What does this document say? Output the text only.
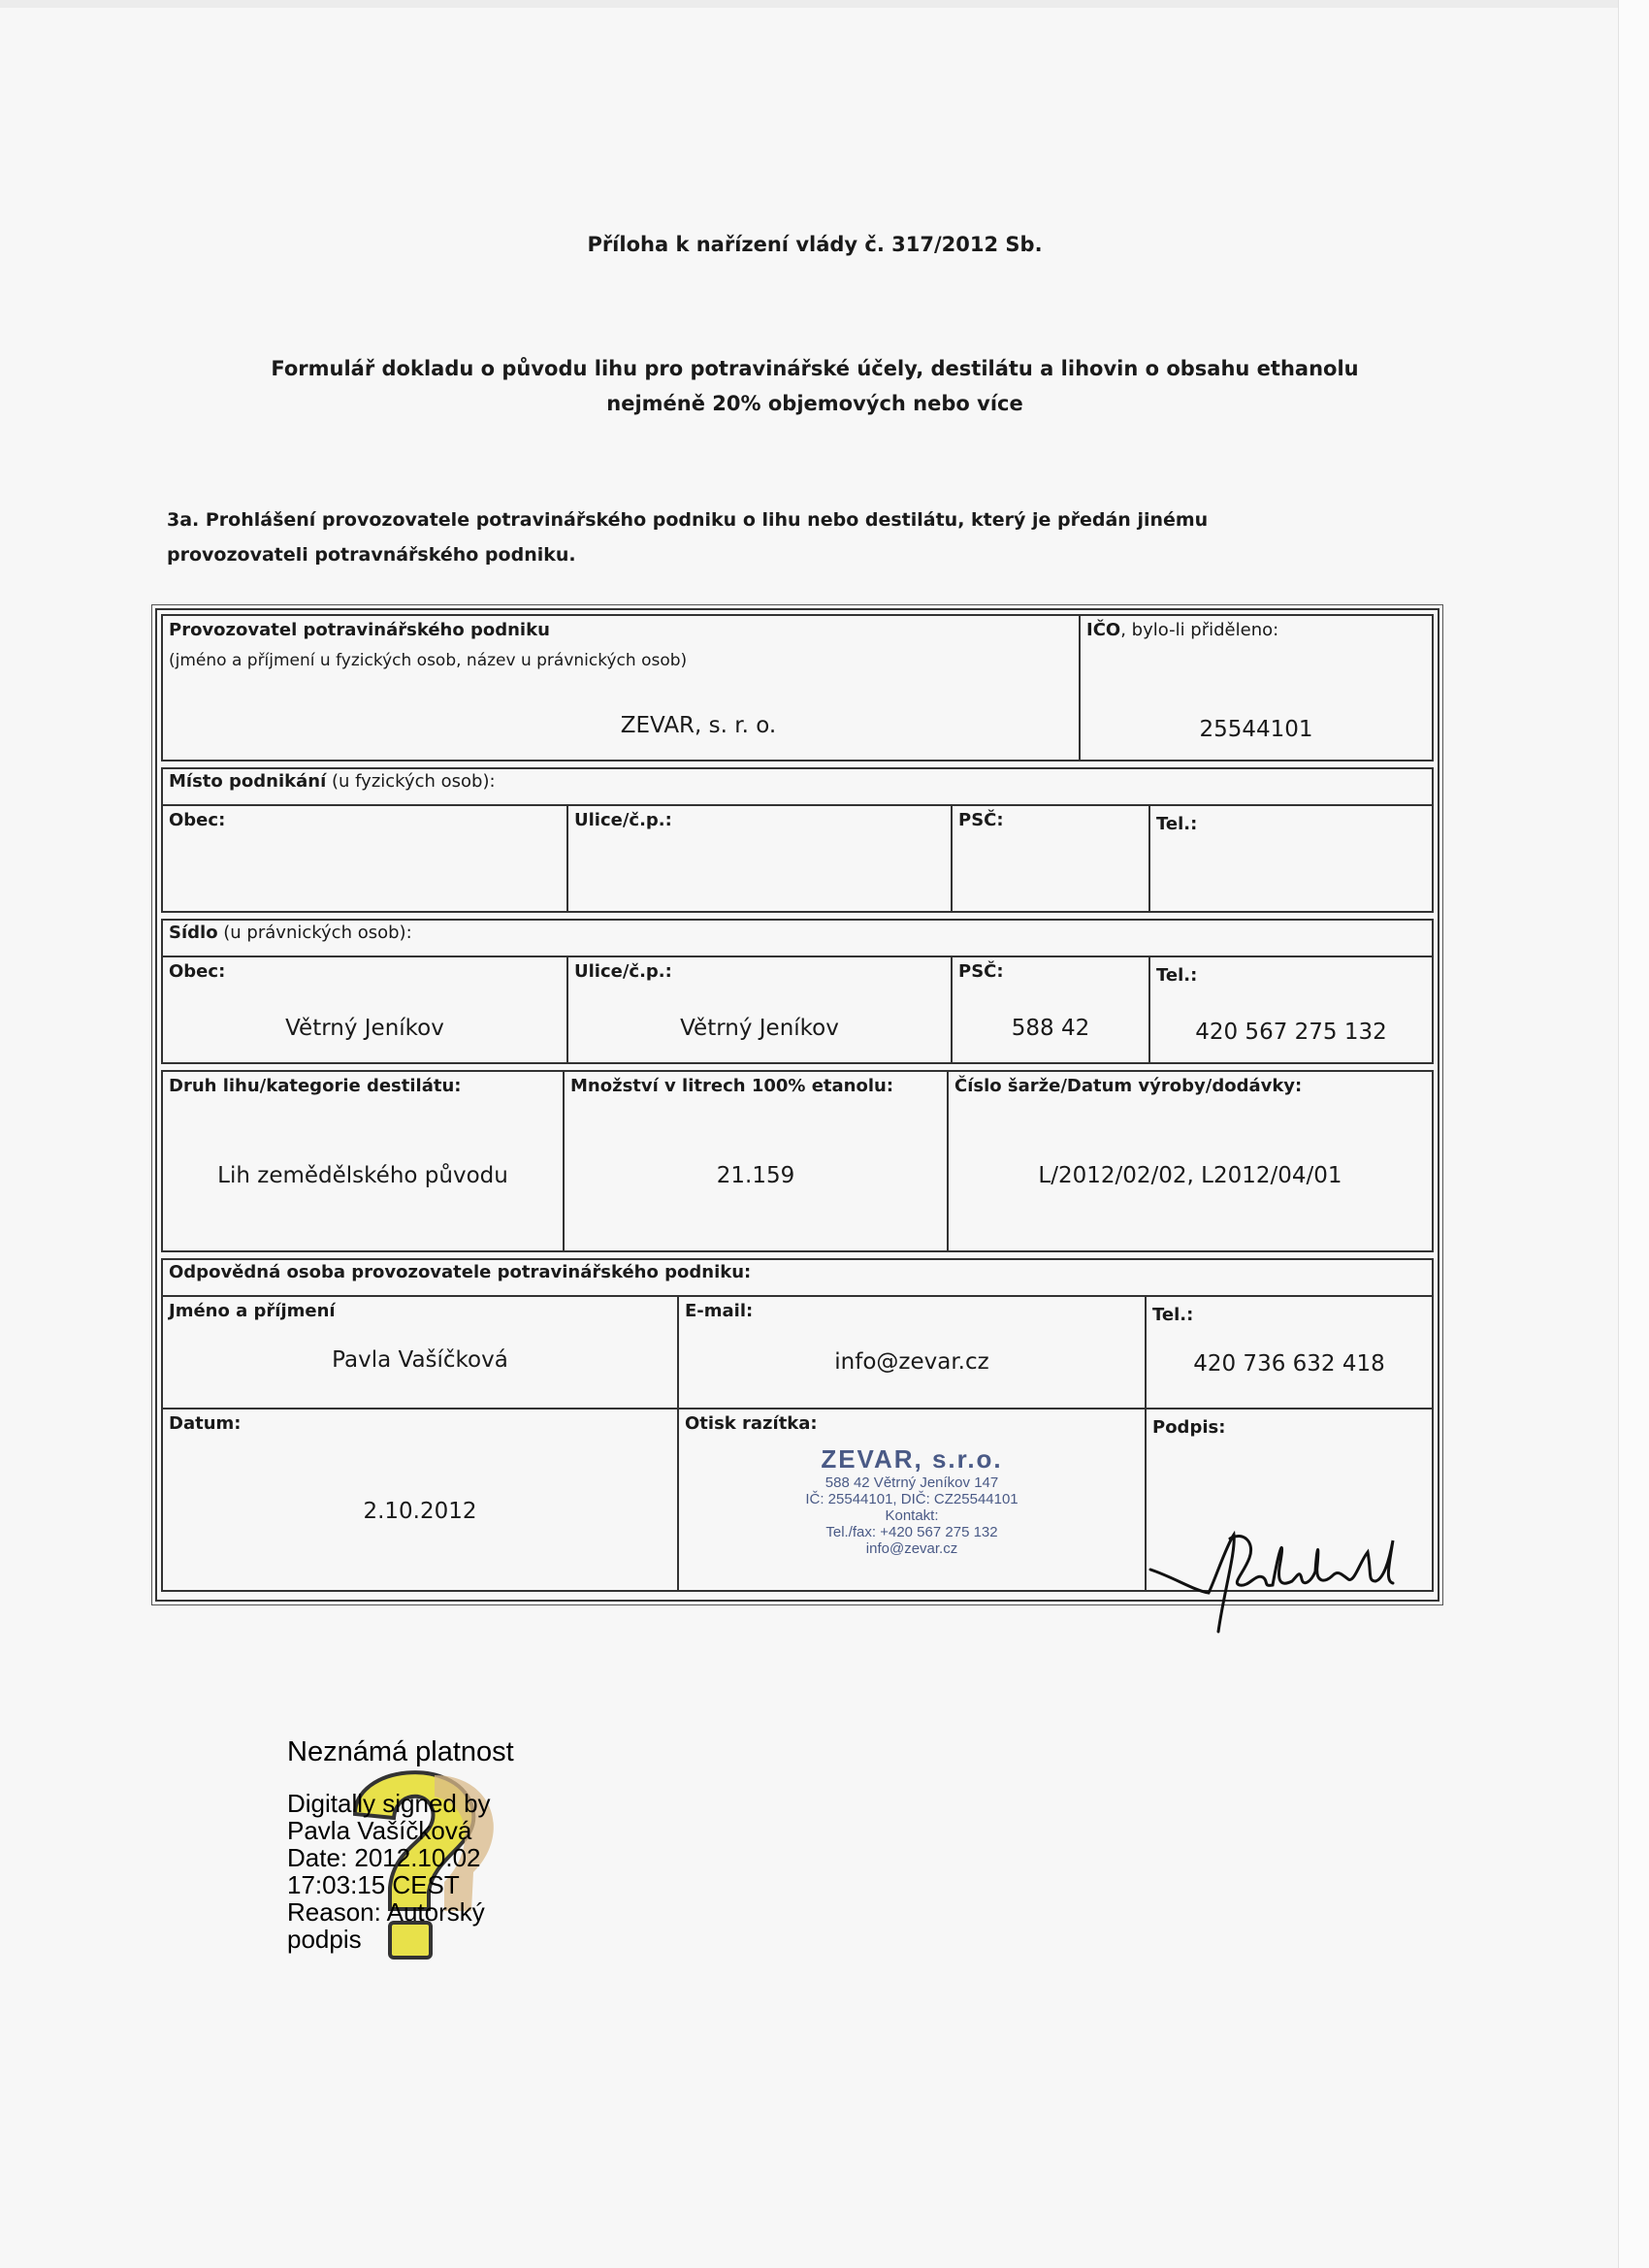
Příloha k nařízení vlády č. 317/2012 Sb.
Formulář dokladu o původu lihu pro potravinářské účely, destilátu a lihovin o obsahu ethanolu
nejméně 20% objemových nebo více
3a. Prohlášení provozovatele potravinářského podniku o lihu nebo destilátu, který je předán jinému
provozovateli potravnářského podniku.
Provozovatel potravinářského podniku
(jméno a příjmení u fyzických osob, název u právnických osob)
ZEVAR, s. r. o.
IČO, bylo-li přiděleno:
25544101
Místo podnikání (u fyzických osob):
Obec:	Ulice/č.p.:	PSČ:	Tel.:
Sídlo (u právnických osob):
Obec:
Větrný Jeníkov
Ulice/č.p.:
Větrný Jeníkov
PSČ:
588 42
Tel.:
420 567 275 132
Druh lihu/kategorie destilátu:
Lih zemědělského původu
Množství v litrech 100% etanolu:
21.159
Číslo šarže/Datum výroby/dodávky:
L/2012/02/02, L2012/04/01
Odpovědná osoba provozovatele potravinářského podniku:
Jméno a příjmení
Pavla Vašíčková
E-mail:
info@zevar.cz
Tel.:
420 736 632 418
Datum:
2.10.2012
Otisk razítka:
ZEVAR, s.r.o.
588 42 Větrný Jeníkov 147
IČ: 25544101, DIČ: CZ25544101
Kontakt:
Tel./fax: +420 567 275 132
info@zevar.cz
Podpis:
Neznámá platnost
Digitally signed by
Pavla Vašíčková
Date: 2012.10.02
17:03:15 CEST
Reason: Autorský
podpis
